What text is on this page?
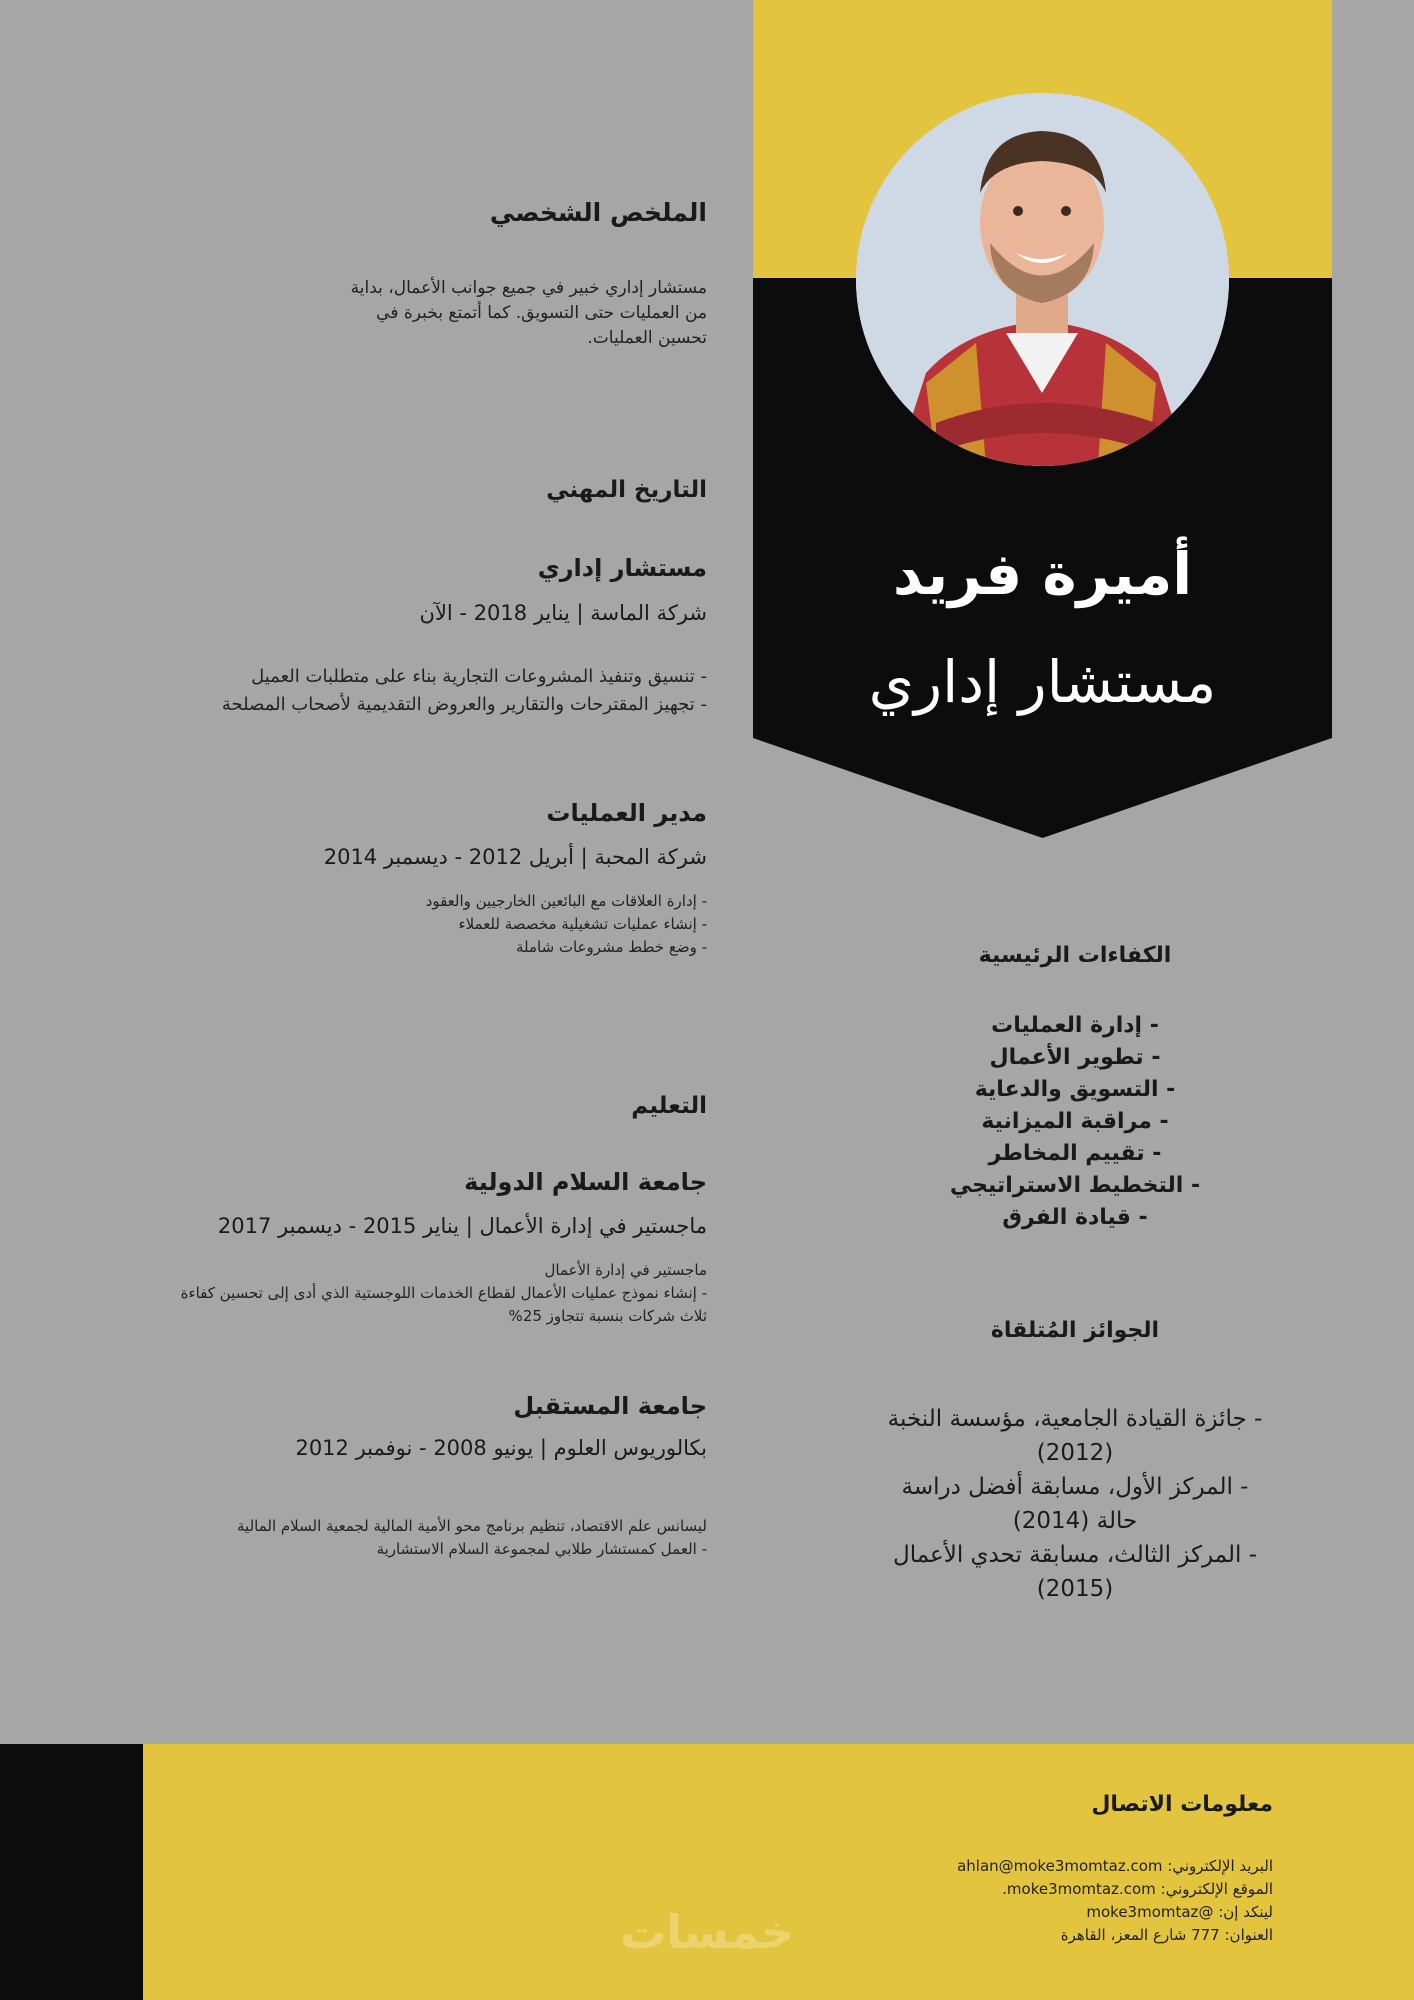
أميرة فريد
مستشار إداري
الملخص الشخصي
مستشار إداري خبير في جميع جوانب الأعمال، بداية
من العمليات حتى التسويق. كما أتمتع بخبرة في
تحسين العمليات.
التاريخ المهني
مستشار إداري
شركة الماسة | يناير 2018 - الآن
- تنسيق وتنفيذ المشروعات التجارية بناء على متطلبات العميل
- تجهيز المقترحات والتقارير والعروض التقديمية لأصحاب المصلحة
مدير العمليات
شركة المحبة | أبريل 2012 - ديسمبر 2014
- إدارة العلاقات مع البائعين الخارجيين والعقود
- إنشاء عمليات تشغيلية مخصصة للعملاء
- وضع خطط مشروعات شاملة
التعليم
جامعة السلام الدولية
ماجستير في إدارة الأعمال | يناير 2015 - ديسمبر 2017
ماجستير في إدارة الأعمال
- إنشاء نموذج عمليات الأعمال لقطاع الخدمات اللوجستية الذي أدى إلى تحسين كفاءة
ثلاث شركات بنسبة تتجاوز 25%
جامعة المستقبل
بكالوريوس العلوم | يونيو 2008 - نوفمبر 2012
ليسانس علم الاقتصاد، تنظيم برنامج محو الأمية المالية لجمعية السلام المالية
- العمل كمستشار طلابي لمجموعة السلام الاستشارية
الكفاءات الرئيسية
- إدارة العمليات
- تطوير الأعمال
- التسويق والدعاية
- مراقبة الميزانية
- تقييم المخاطر
- التخطيط الاستراتيجي
- قيادة الفرق
الجوائز المُتلقاة
- جائزة القيادة الجامعية، مؤسسة النخبة
(2012)
- المركز الأول، مسابقة أفضل دراسة
حالة (2014)
- المركز الثالث، مسابقة تحدي الأعمال
(2015)
معلومات الاتصال
البريد الإلكتروني: ahlan@moke3momtaz.com
الموقع الإلكتروني: moke3momtaz.com.
لينكد إن: @moke3momtaz
العنوان: 777 شارع المعز، القاهرة
خمسات
